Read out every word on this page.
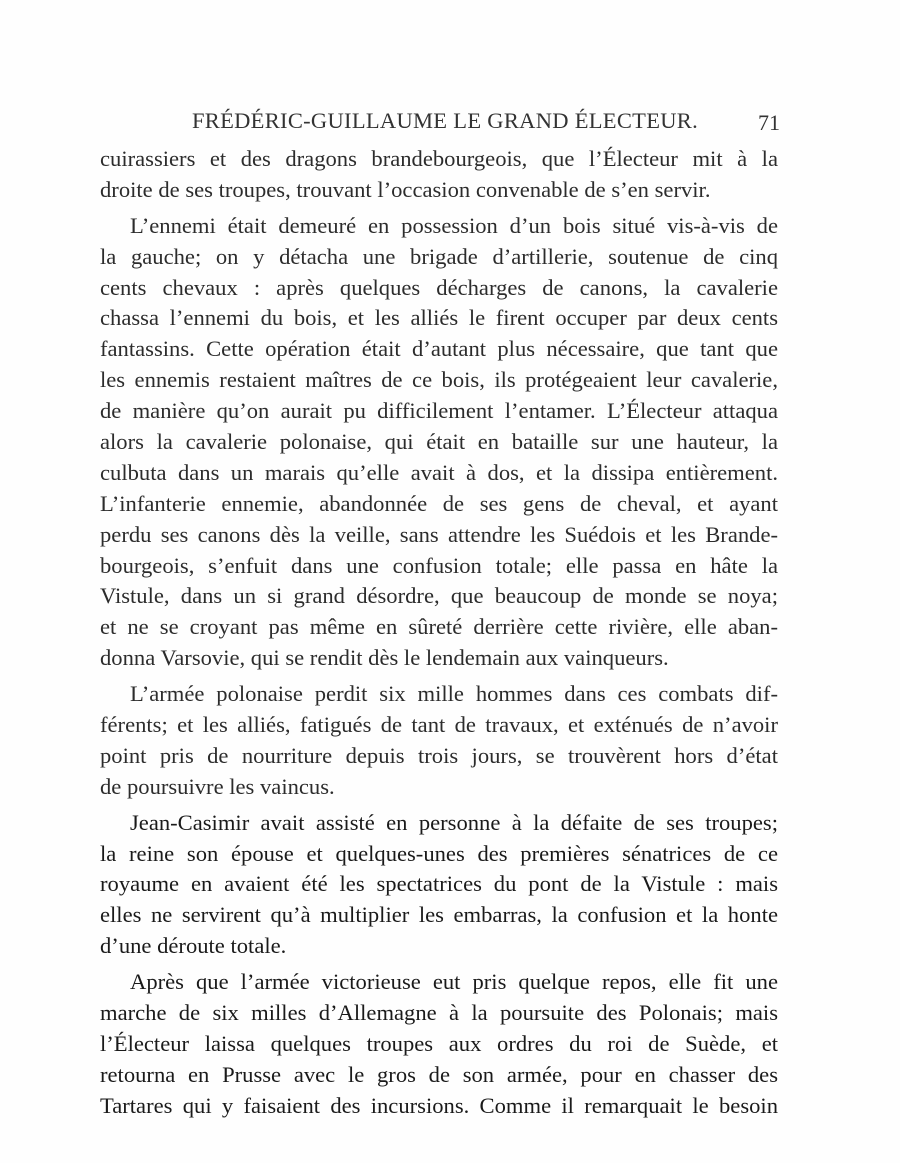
FRÉDÉRIC-GUILLAUME LE GRAND ÉLECTEUR.	71
cuirassiers et des dragons brandebourgeois, que l’Électeur mit à la
droite de ses troupes, trouvant l’occasion convenable de s’en servir.
L’ennemi était demeuré en possession d’un bois situé vis-à-vis de
la gauche; on y détacha une brigade d’artillerie, soutenue de cinq
cents chevaux : après quelques décharges de canons, la cavalerie
chassa l’ennemi du bois, et les alliés le firent occuper par deux cents
fantassins. Cette opération était d’autant plus nécessaire, que tant que
les ennemis restaient maîtres de ce bois, ils protégeaient leur cavalerie,
de manière qu’on aurait pu difficilement l’entamer. L’Électeur attaqua
alors la cavalerie polonaise, qui était en bataille sur une hauteur, la
culbuta dans un marais qu’elle avait à dos, et la dissipa entièrement.
L’infanterie ennemie, abandonnée de ses gens de cheval, et ayant
perdu ses canons dès la veille, sans attendre les Suédois et les Brande-
bourgeois, s’enfuit dans une confusion totale; elle passa en hâte la
Vistule, dans un si grand désordre, que beaucoup de monde se noya;
et ne se croyant pas même en sûreté derrière cette rivière, elle aban-
donna Varsovie, qui se rendit dès le lendemain aux vainqueurs.
L’armée polonaise perdit six mille hommes dans ces combats dif-
férents; et les alliés, fatigués de tant de travaux, et exténués de n’avoir
point pris de nourriture depuis trois jours, se trouvèrent hors d’état
de poursuivre les vaincus.
Jean-Casimir avait assisté en personne à la défaite de ses troupes;
la reine son épouse et quelques-unes des premières sénatrices de ce
royaume en avaient été les spectatrices du pont de la Vistule : mais
elles ne servirent qu’à multiplier les embarras, la confusion et la honte
d’une déroute totale.
Après que l’armée victorieuse eut pris quelque repos, elle fit une
marche de six milles d’Allemagne à la poursuite des Polonais; mais
l’Électeur laissa quelques troupes aux ordres du roi de Suède, et
retourna en Prusse avec le gros de son armée, pour en chasser des
Tartares qui y faisaient des incursions. Comme il remarquait le besoin
